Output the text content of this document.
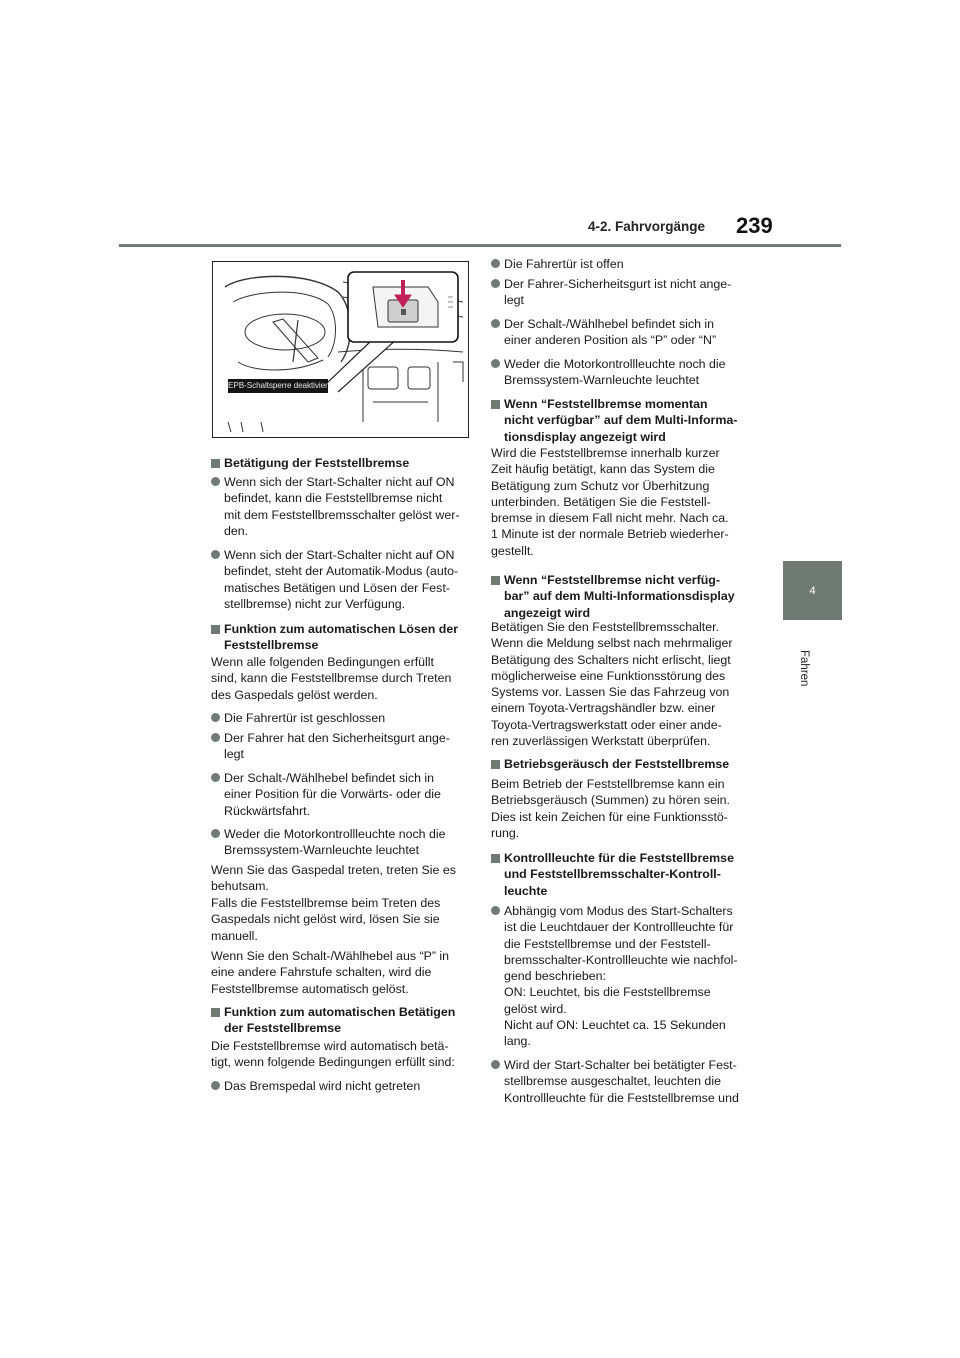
4-2. Fahrvorgänge 239
4
Fahren
EPB-Schaltsperre deaktiviert
Betätigung der Feststellbremse
Wenn sich der Start-Schalter nicht auf ON
befindet, kann die Feststellbremse nicht
mit dem Feststellbremsschalter gelöst wer-
den.
Wenn sich der Start-Schalter nicht auf ON
befindet, steht der Automatik-Modus (auto-
matisches Betätigen und Lösen der Fest-
stellbremse) nicht zur Verfügung.
Funktion zum automatischen Lösen der
Feststellbremse
Wenn alle folgenden Bedingungen erfüllt
sind, kann die Feststellbremse durch Treten
des Gaspedals gelöst werden.
Die Fahrertür ist geschlossen
Der Fahrer hat den Sicherheitsgurt ange-
legt
Der Schalt-/Wählhebel befindet sich in
einer Position für die Vorwärts- oder die
Rückwärtsfahrt.
Weder die Motorkontrollleuchte noch die
Bremssystem-Warnleuchte leuchtet
Wenn Sie das Gaspedal treten, treten Sie es
behutsam.
Falls die Feststellbremse beim Treten des
Gaspedals nicht gelöst wird, lösen Sie sie
manuell.
Wenn Sie den Schalt-/Wählhebel aus “P” in
eine andere Fahrstufe schalten, wird die
Feststellbremse automatisch gelöst.
Funktion zum automatischen Betätigen
der Feststellbremse
Die Feststellbremse wird automatisch betä-
tigt, wenn folgende Bedingungen erfüllt sind:
Das Bremspedal wird nicht getreten
Die Fahrertür ist offen
Der Fahrer-Sicherheitsgurt ist nicht ange-
legt
Der Schalt-/Wählhebel befindet sich in
einer anderen Position als “P” oder “N”
Weder die Motorkontrollleuchte noch die
Bremssystem-Warnleuchte leuchtet
Wenn “Feststellbremse momentan
nicht verfügbar” auf dem Multi-Informa-
tionsdisplay angezeigt wird
Wird die Feststellbremse innerhalb kurzer
Zeit häufig betätigt, kann das System die
Betätigung zum Schutz vor Überhitzung
unterbinden. Betätigen Sie die Feststell-
bremse in diesem Fall nicht mehr. Nach ca.
1 Minute ist der normale Betrieb wiederher-
gestellt.
Wenn “Feststellbremse nicht verfüg-
bar” auf dem Multi-Informationsdisplay
angezeigt wird
Betätigen Sie den Feststellbremsschalter.
Wenn die Meldung selbst nach mehrmaliger
Betätigung des Schalters nicht erlischt, liegt
möglicherweise eine Funktionsstörung des
Systems vor. Lassen Sie das Fahrzeug von
einem Toyota-Vertragshändler bzw. einer
Toyota-Vertragswerkstatt oder einer ande-
ren zuverlässigen Werkstatt überprüfen.
Betriebsgeräusch der Feststellbremse
Beim Betrieb der Feststellbremse kann ein
Betriebsgeräusch (Summen) zu hören sein.
Dies ist kein Zeichen für eine Funktionsstö-
rung.
Kontrollleuchte für die Feststellbremse
und Feststellbremsschalter-Kontroll-
leuchte
Abhängig vom Modus des Start-Schalters
ist die Leuchtdauer der Kontrollleuchte für
die Feststellbremse und der Feststell-
bremsschalter-Kontrollleuchte wie nachfol-
gend beschrieben:
ON: Leuchtet, bis die Feststellbremse
gelöst wird.
Nicht auf ON: Leuchtet ca. 15 Sekunden
lang.
Wird der Start-Schalter bei betätigter Fest-
stellbremse ausgeschaltet, leuchten die
Kontrollleuchte für die Feststellbremse und
